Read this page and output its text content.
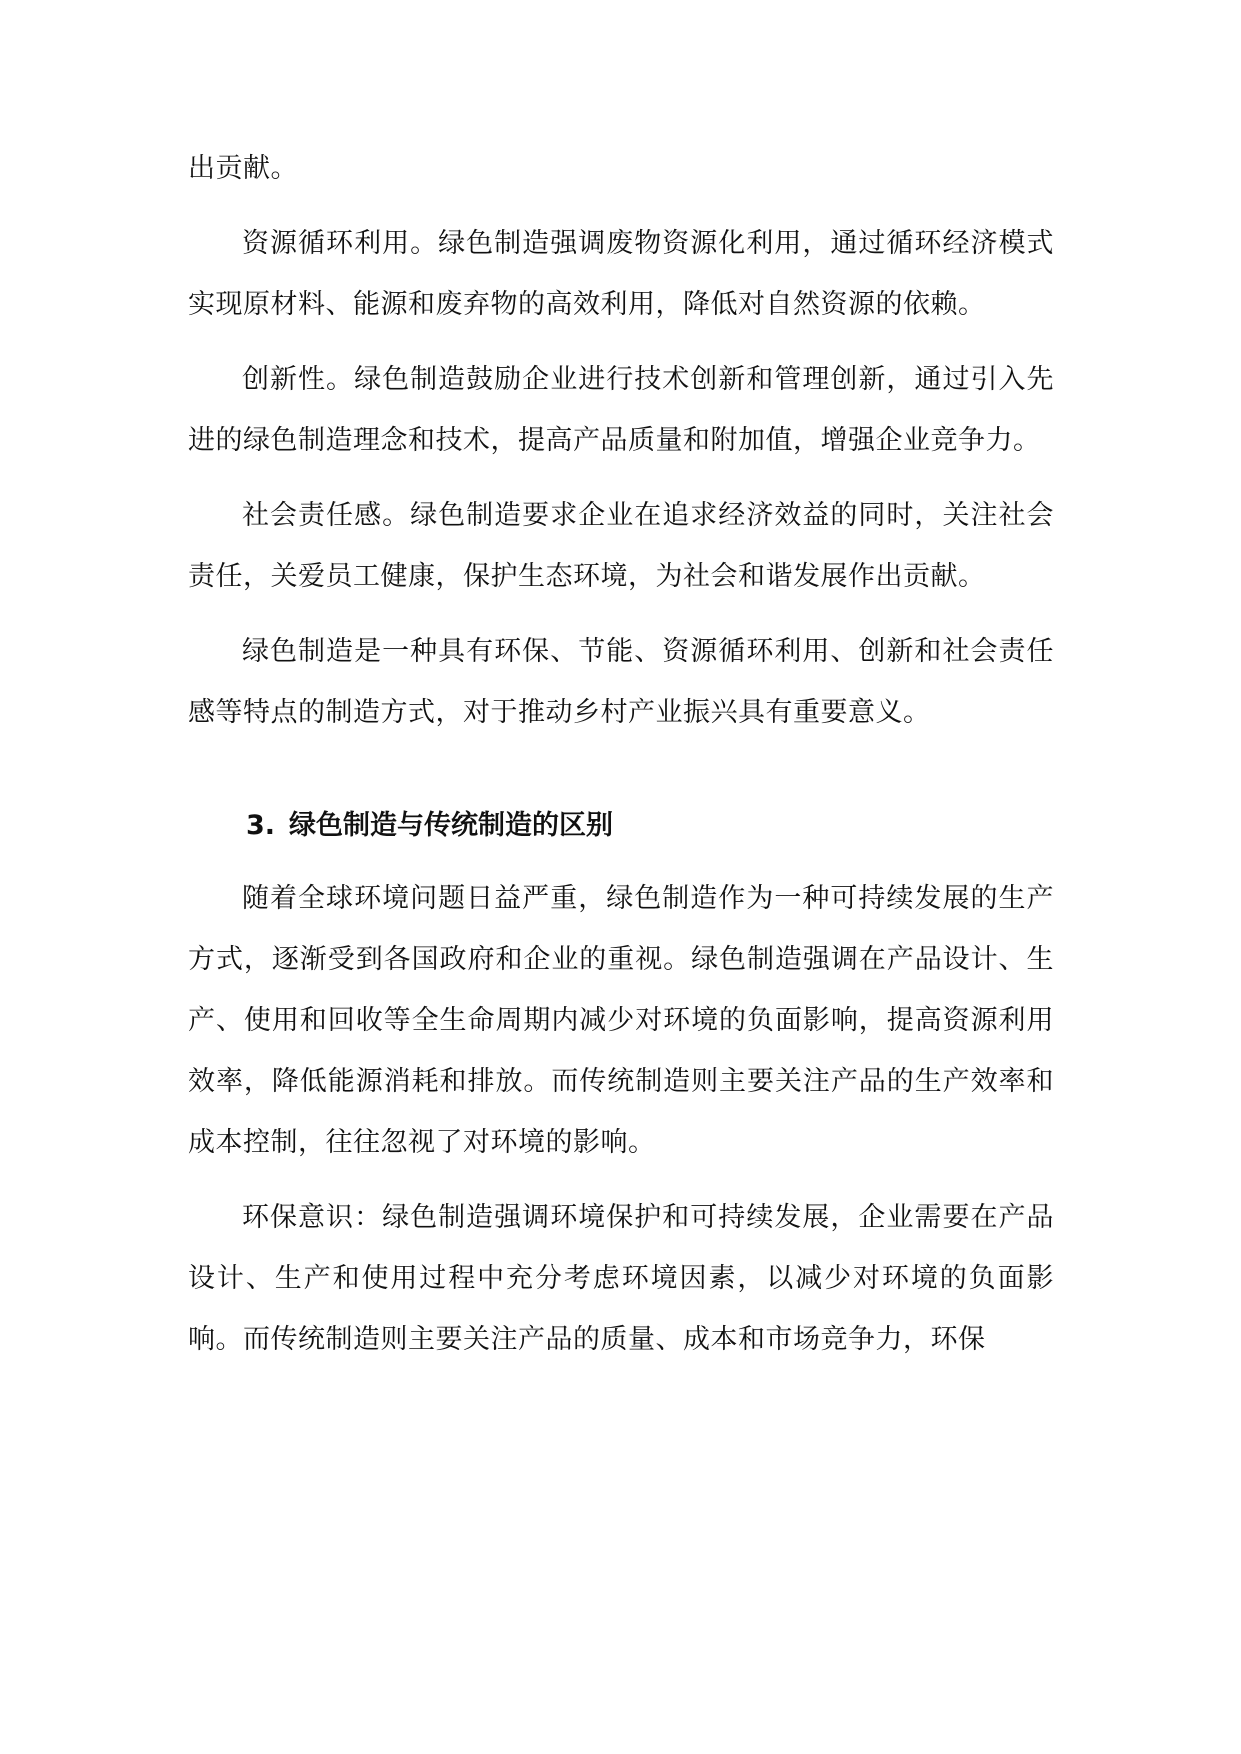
出贡献。

资源循环利用。绿色制造强调废物资源化利用，通过循环经济模式实现原材料、能源和废弃物的高效利用，降低对自然资源的依赖。

创新性。绿色制造鼓励企业进行技术创新和管理创新，通过引入先进的绿色制造理念和技术，提高产品质量和附加值，增强企业竞争力。

社会责任感。绿色制造要求企业在追求经济效益的同时，关注社会责任，关爱员工健康，保护生态环境，为社会和谐发展作出贡献。

绿色制造是一种具有环保、节能、资源循环利用、创新和社会责任感等特点的制造方式，对于推动乡村产业振兴具有重要意义。

3. 绿色制造与传统制造的区别

随着全球环境问题日益严重，绿色制造作为一种可持续发展的生产方式，逐渐受到各国政府和企业的重视。绿色制造强调在产品设计、生产、使用和回收等全生命周期内减少对环境的负面影响，提高资源利用效率，降低能源消耗和排放。而传统制造则主要关注产品的生产效率和成本控制，往往忽视了对环境的影响。

环保意识：绿色制造强调环境保护和可持续发展，企业需要在产品设计、生产和使用过程中充分考虑环境因素，以减少对环境的负面影响。而传统制造则主要关注产品的质量、成本和市场竞争力，环保
